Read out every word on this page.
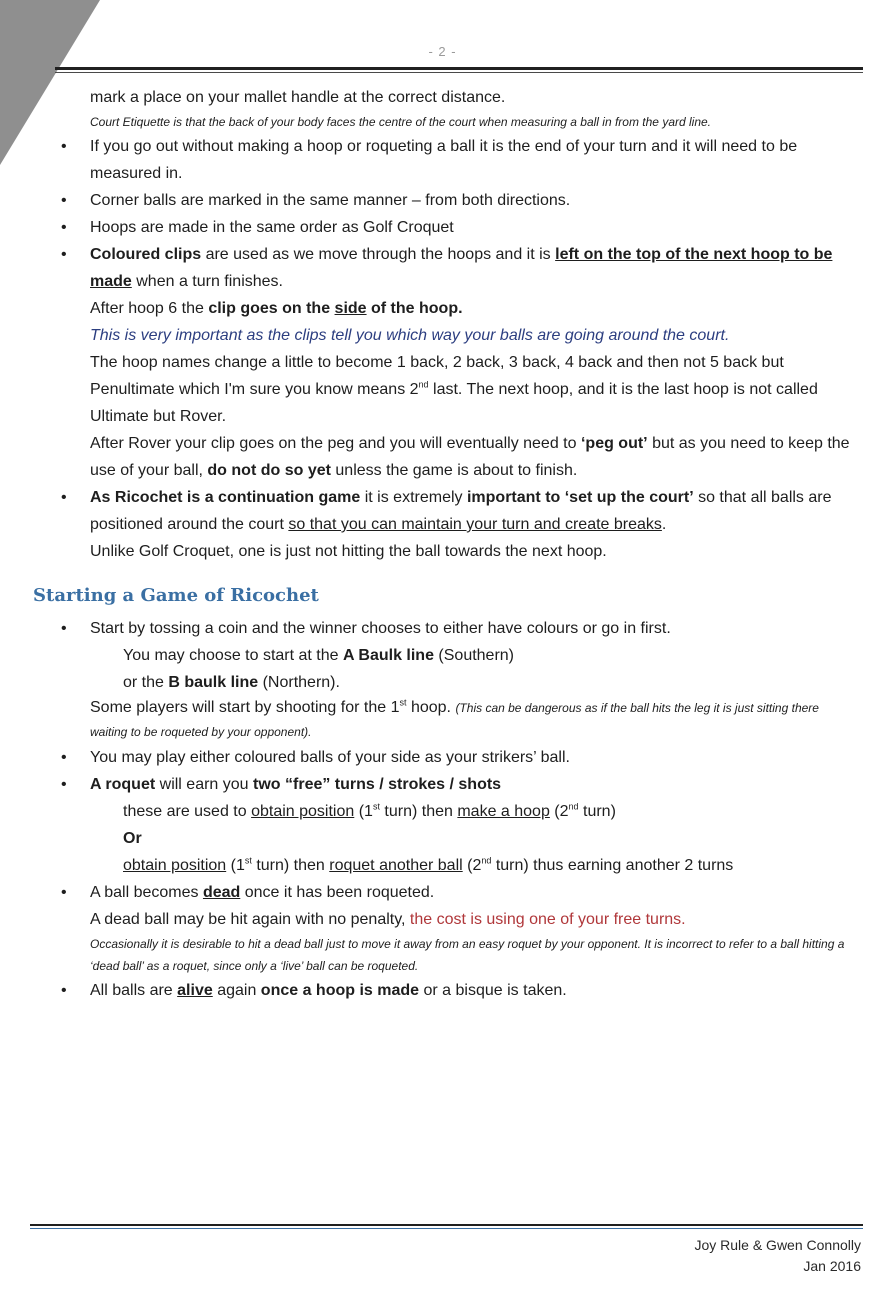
- 2 -

mark a place on your mallet handle at the correct distance.

Court Etiquette is that the back of your body faces the centre of the court when measuring a ball in from the yard line.

• If you go out without making a hoop or roqueting a ball it is the end of your turn and it will need to be measured in.
• Corner balls are marked in the same manner – from both directions.
• Hoops are made in the same order as Golf Croquet
• Coloured clips are used as we move through the hoops and it is left on the top of the next hoop to be made when a turn finishes.
After hoop 6 the clip goes on the side of the hoop.
This is very important as the clips tell you which way your balls are going around the court.
The hoop names change a little to become 1 back, 2 back, 3 back, 4 back and then not 5 back but Penultimate which I'm sure you know means 2nd last. The next hoop, and it is the last hoop is not called Ultimate but Rover.
After Rover your clip goes on the peg and you will eventually need to ‘peg out’ but as you need to keep the use of your ball, do not do so yet unless the game is about to finish.
• As Ricochet is a continuation game it is extremely important to ‘set up the court’ so that all balls are positioned around the court so that you can maintain your turn and create breaks.
Unlike Golf Croquet, one is just not hitting the ball towards the next hoop.
Starting a Game of Ricochet
• Start by tossing a coin and the winner chooses to either have colours or go in first.
You may choose to start at the A Baulk line (Southern)
or the B baulk line (Northern).
Some players will start by shooting for the 1st hoop. (This can be dangerous as if the ball hits the leg it is just sitting there waiting to be roqueted by your opponent).
• You may play either coloured balls of your side as your strikers’ ball.
• A roquet will earn you two “free” turns / strokes / shots
these are used to obtain position (1st turn) then make a hoop (2nd turn)
Or
obtain position (1st turn) then roquet another ball (2nd turn) thus earning another 2 turns
• A ball becomes dead once it has been roqueted.
A dead ball may be hit again with no penalty, the cost is using one of your free turns.
Occasionally it is desirable to hit a dead ball just to move it away from an easy roquet by your opponent. It is incorrect to refer to a ball hitting a ‘dead ball’ as a roquet, since only a ‘live’ ball can be roqueted.
• All balls are alive again once a hoop is made or a bisque is taken.
Joy Rule & Gwen Connolly
Jan 2016
